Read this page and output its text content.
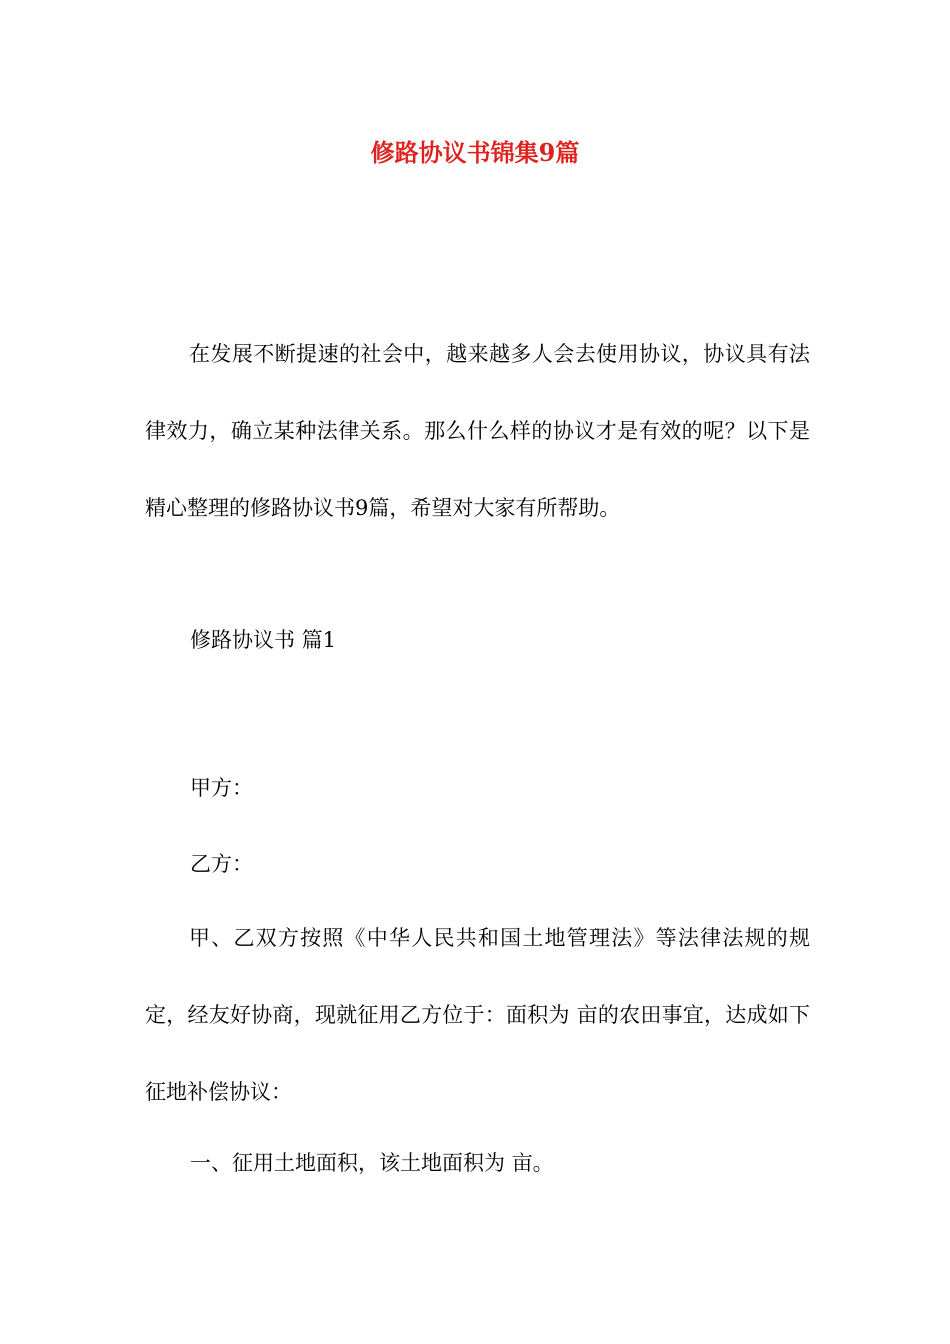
修路协议书锦集9篇

在发展不断提速的社会中，越来越多人会去使用协议，协议具有法律效力，确立某种法律关系。那么什么样的协议才是有效的呢？以下是精心整理的修路协议书9篇，希望对大家有所帮助。

修路协议书 篇1

甲方：

乙方：

甲、乙双方按照《中华人民共和国土地管理法》等法律法规的规定，经友好协商，现就征用乙方位于：面积为 亩的农田事宜，达成如下征地补偿协议：

一、征用土地面积，该土地面积为 亩。
